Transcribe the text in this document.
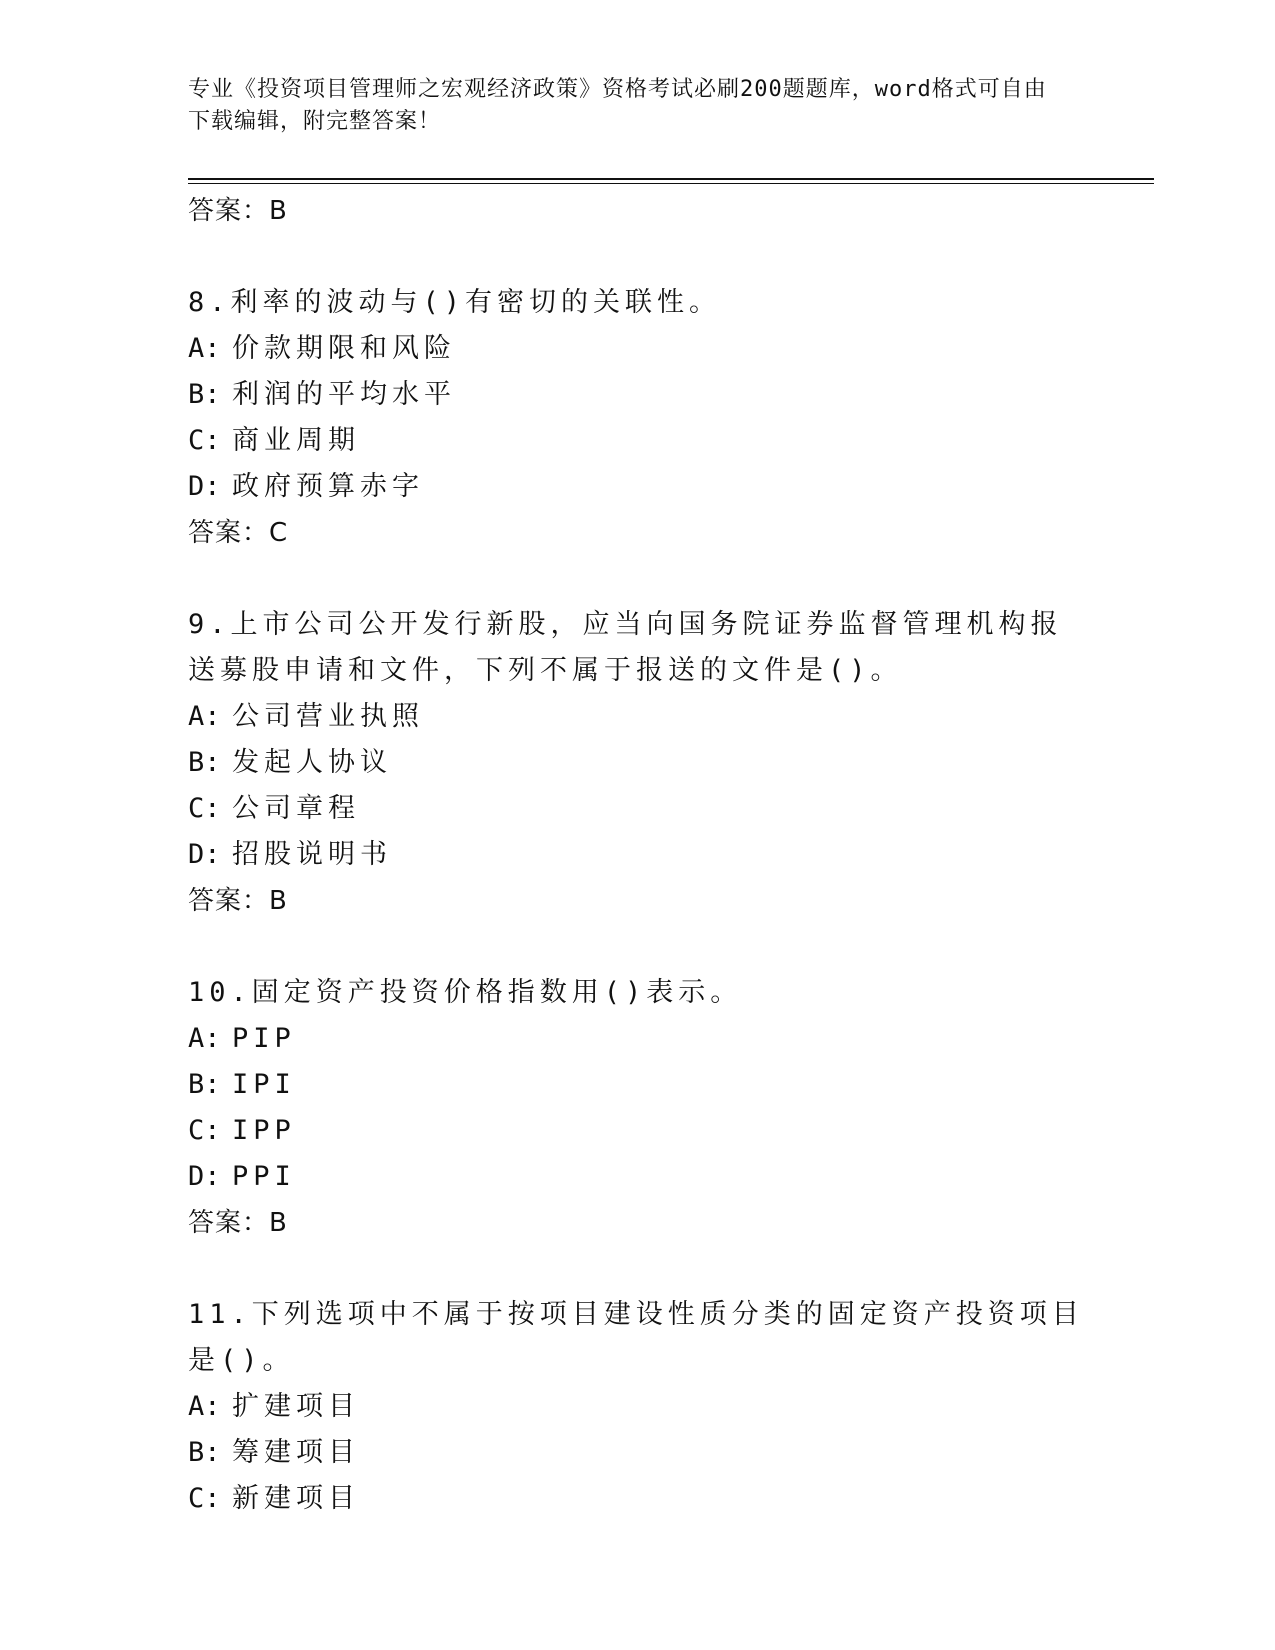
专业《投资项目管理师之宏观经济政策》资格考试必刷200题题库，word格式可自由下载编辑，附完整答案！
答案：B
8.利率的波动与()有密切的关联性。
A: 价款期限和风险
B: 利润的平均水平
C: 商业周期
D: 政府预算赤字
答案：C
9.上市公司公开发行新股，应当向国务院证券监督管理机构报送募股申请和文件，下列不属于报送的文件是()。
A: 公司营业执照
B: 发起人协议
C: 公司章程
D: 招股说明书
答案：B
10.固定资产投资价格指数用()表示。
A: PIP
B: IPI
C: IPP
D: PPI
答案：B
11.下列选项中不属于按项目建设性质分类的固定资产投资项目是()。
A: 扩建项目
B: 筹建项目
C: 新建项目
